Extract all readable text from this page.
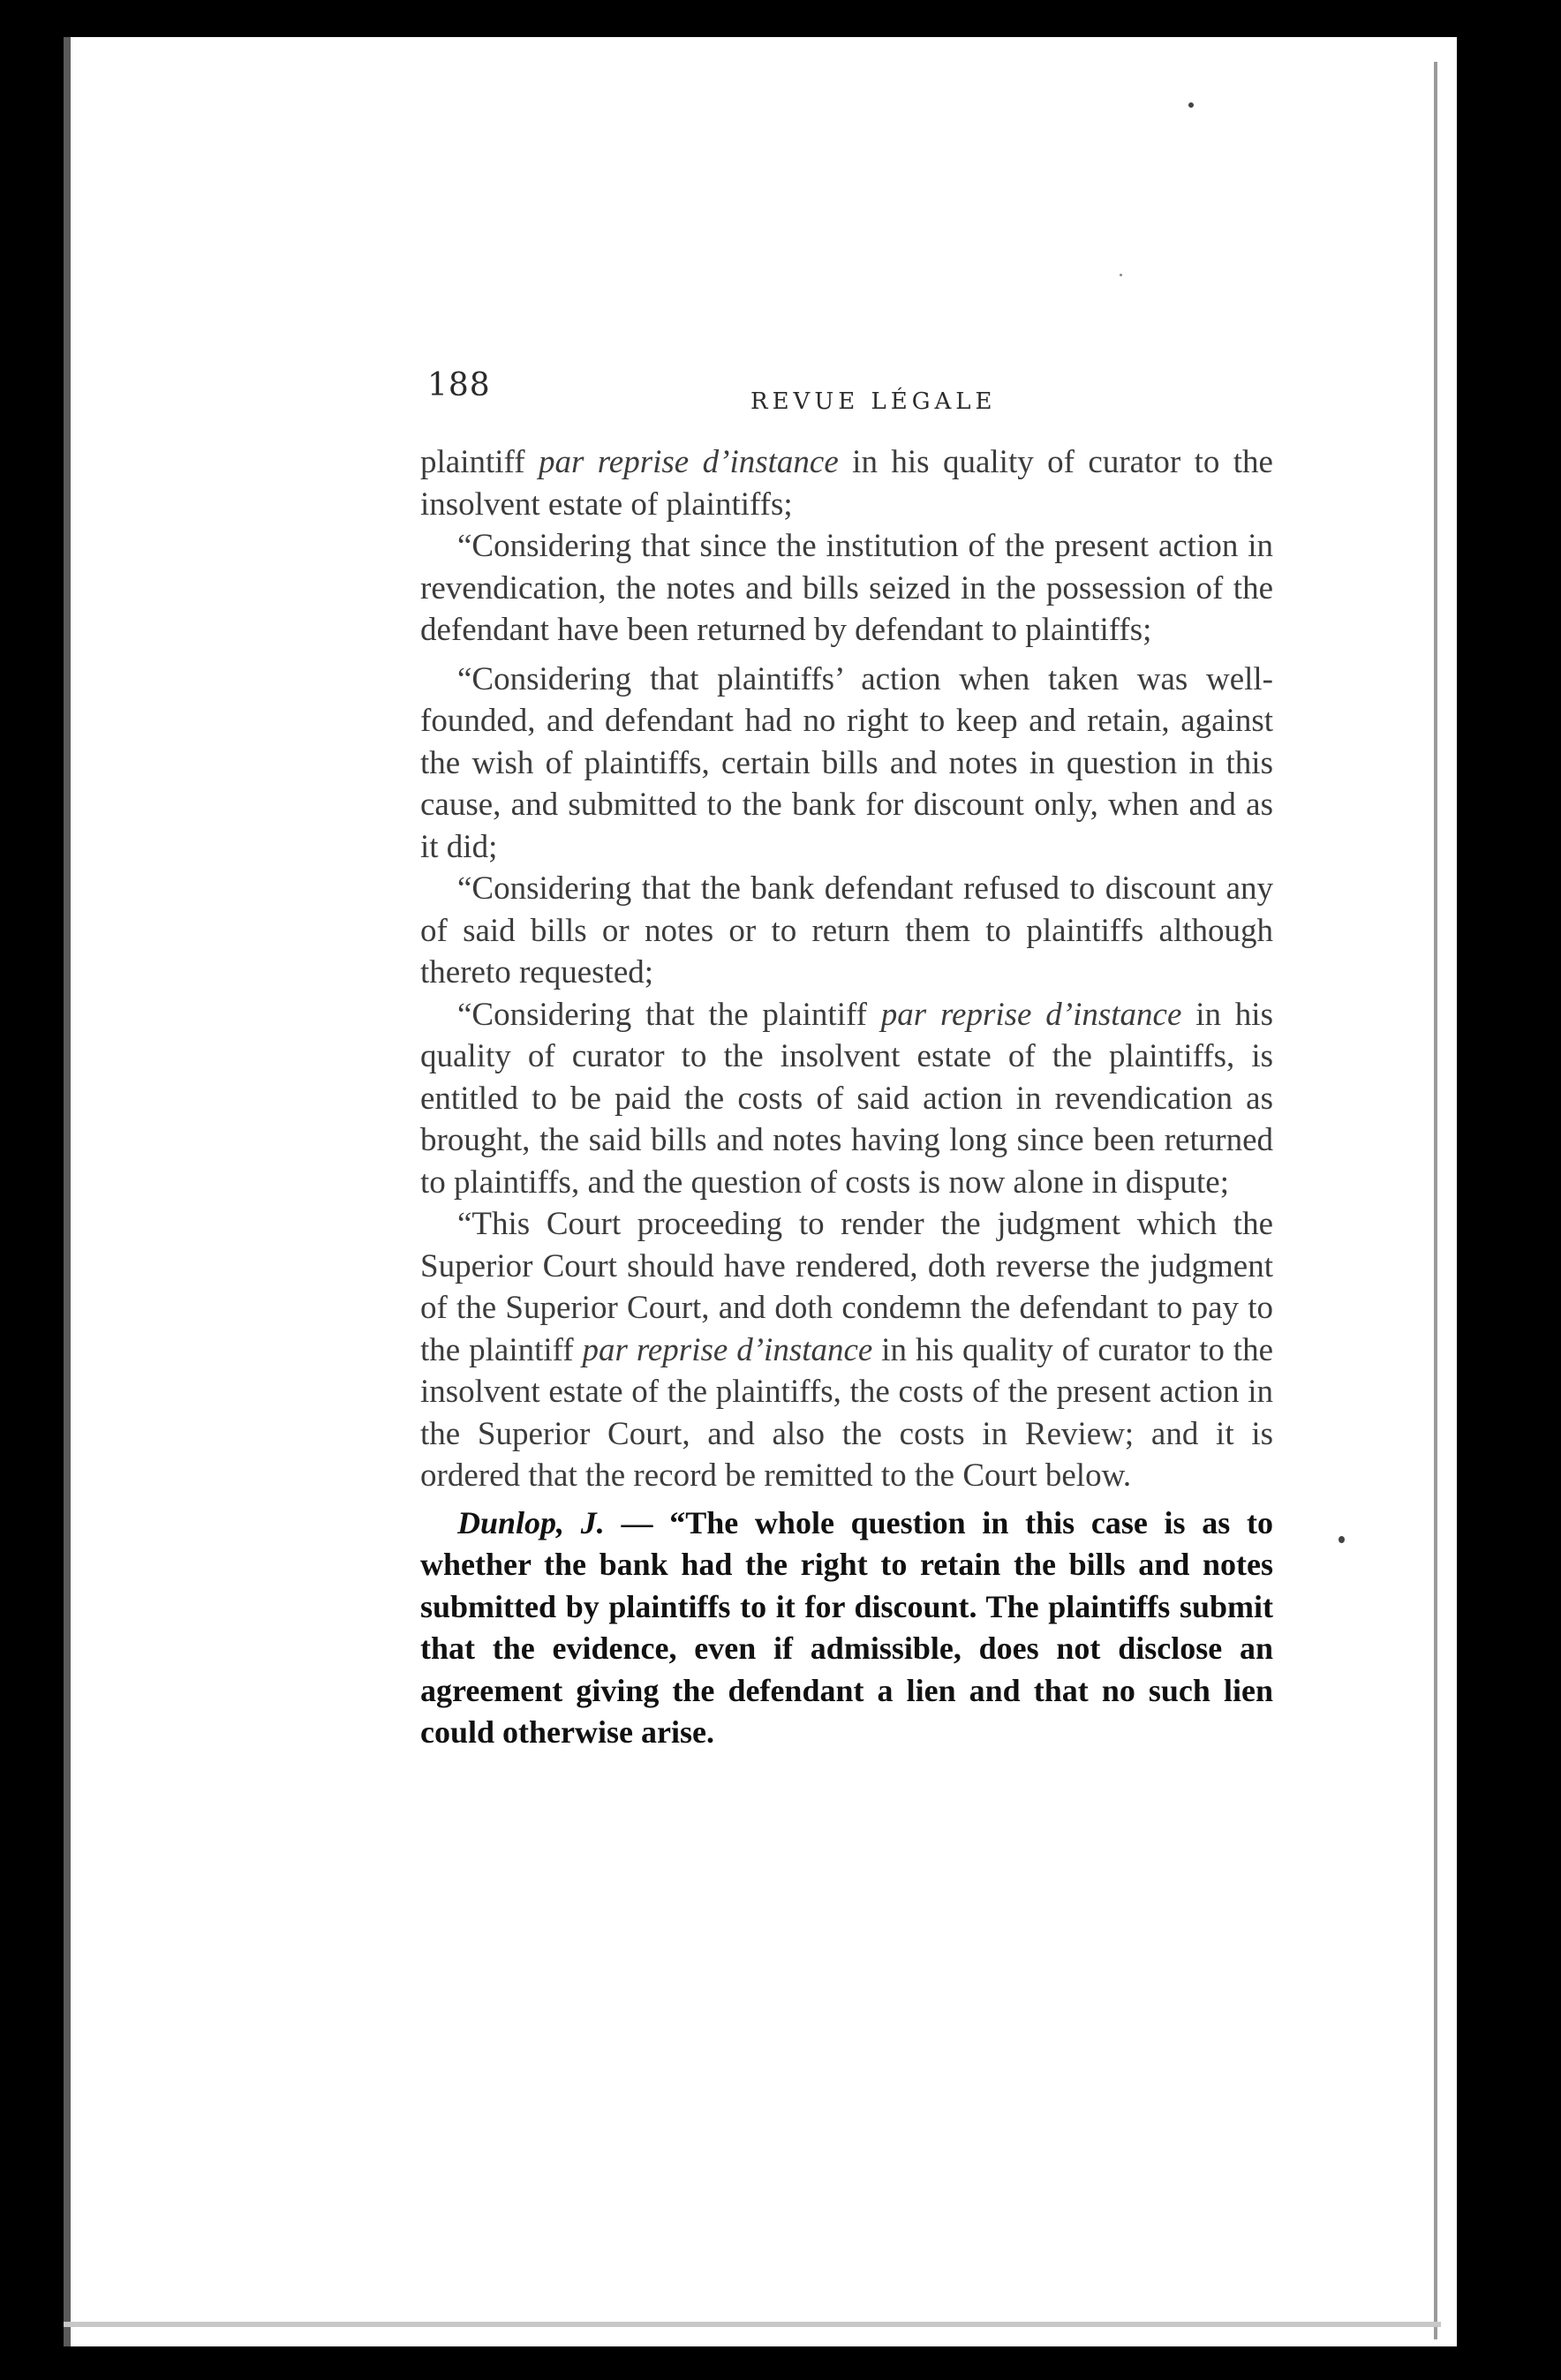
188	REVUE LÉGALE

plaintiff par reprise d’instance in his quality of curator to the insolvent estate of plaintiffs;

“Considering that since the institution of the present action in revendication, the notes and bills seized in the possession of the defendant have been returned by defendant to plaintiffs;

“Considering that plaintiffs’ action when taken was well-founded, and defendant had no right to keep and retain, against the wish of plaintiffs, certain bills and notes in question in this cause, and submitted to the bank for discount only, when and as it did;

“Considering that the bank defendant refused to discount any of said bills or notes or to return them to plaintiffs although thereto requested;

“Considering that the plaintiff par reprise d’instance in his quality of curator to the insolvent estate of the plaintiffs, is entitled to be paid the costs of said action in revendication as brought, the said bills and notes having long since been returned to plaintiffs, and the question of costs is now alone in dispute;

“This Court proceeding to render the judgment which the Superior Court should have rendered, doth reverse the judgment of the Superior Court, and doth condemn the defendant to pay to the plaintiff par reprise d’instance in his quality of curator to the insolvent estate of the plaintiffs, the costs of the present action in the Superior Court, and also the costs in Review; and it is ordered that the record be remitted to the Court below.

Dunlop, J. — “The whole question in this case is as to whether the bank had the right to retain the bills and notes submitted by plaintiffs to it for discount. The plaintiffs submit that the evidence, even if admissible, does not disclose an agreement giving the defendant a lien and that no such lien could otherwise arise.
